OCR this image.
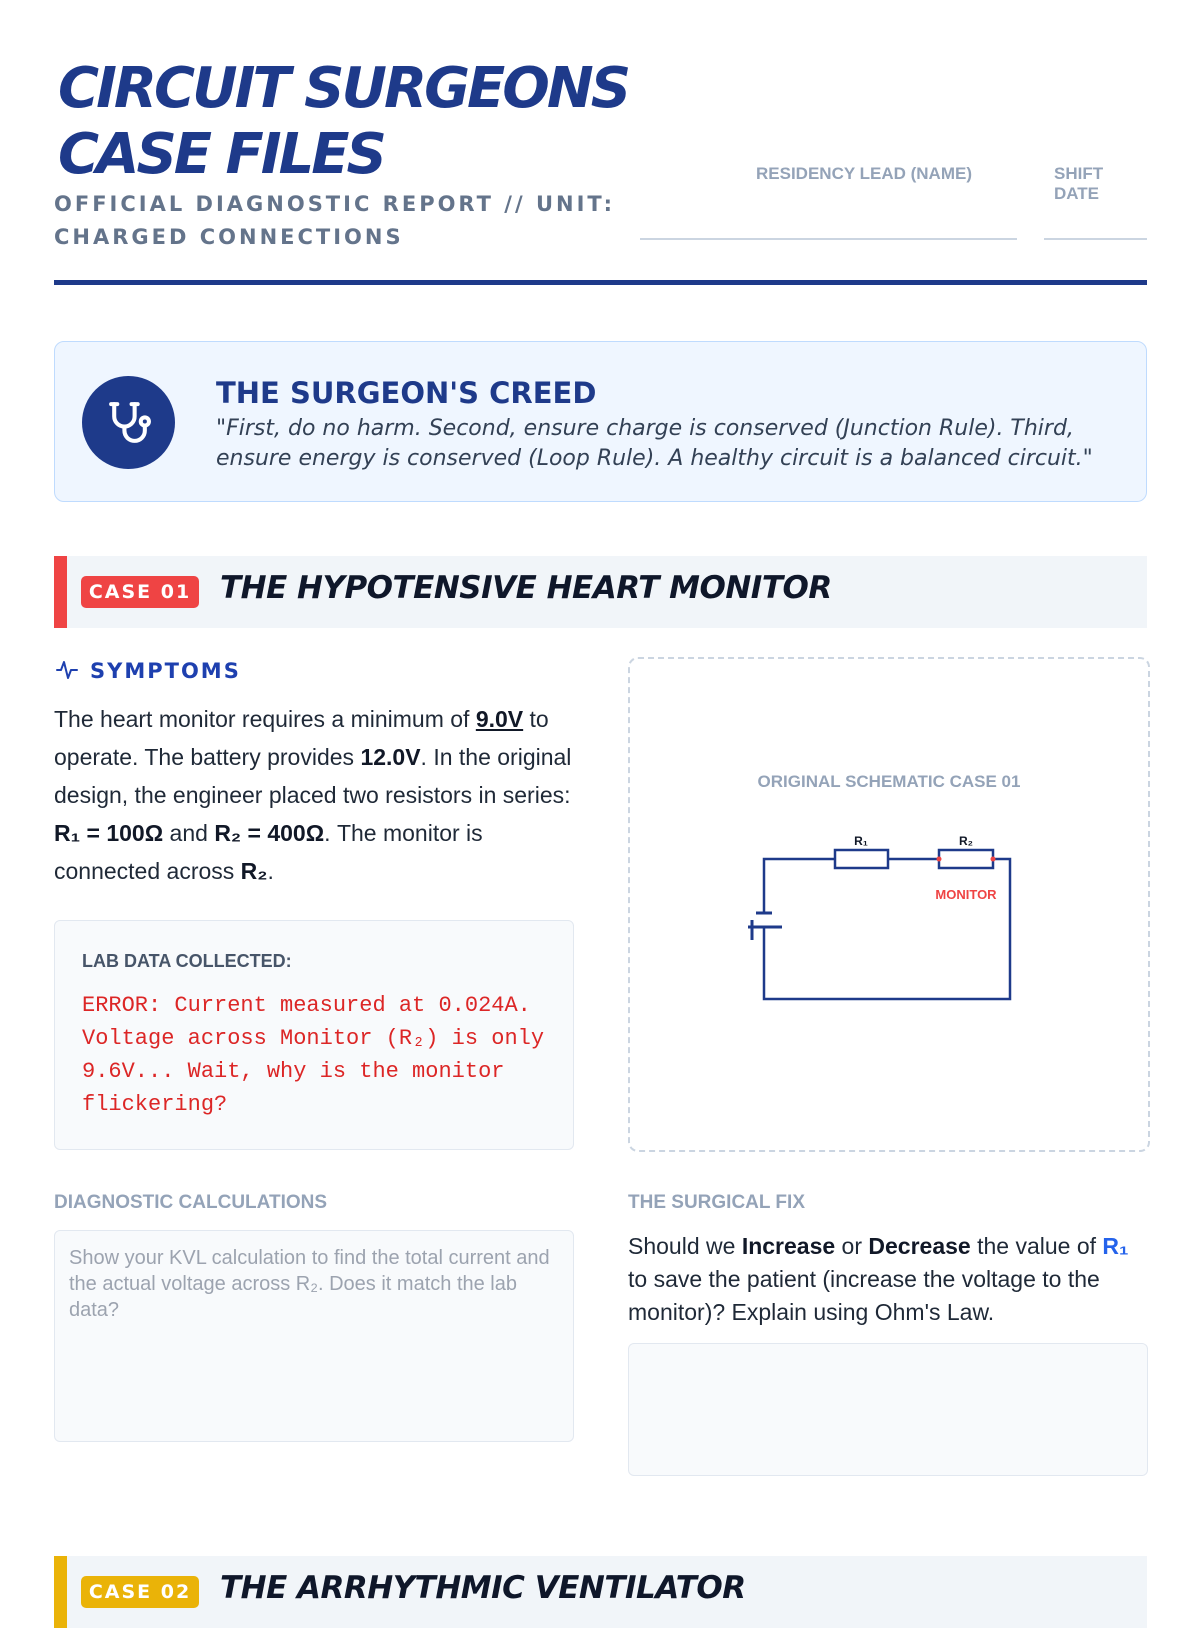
CIRCUIT SURGEONS
CASE FILES
OFFICIAL DIAGNOSTIC REPORT // UNIT: CHARGED CONNECTIONS
RESIDENCY LEAD (NAME)	SHIFT DATE
THE SURGEON'S CREED
"First, do no harm. Second, ensure charge is conserved (Junction Rule). Third, ensure energy is conserved (Loop Rule). A healthy circuit is a balanced circuit."
CASE 01 THE HYPOTENSIVE HEART MONITOR
SYMPTOMS
The heart monitor requires a minimum of 9.0V to operate. The battery provides 12.0V. In the original design, the engineer placed two resistors in series: R₁ = 100Ω and R₂ = 400Ω. The monitor is connected across R₂.
LAB DATA COLLECTED:
ERROR: Current measured at 0.024A. Voltage across Monitor (R₂) is only 9.6V... Wait, why is the monitor flickering?
ORIGINAL SCHEMATIC CASE 01
R₁	R₂
MONITOR
DIAGNOSTIC CALCULATIONS
Show your KVL calculation to find the total current and the actual voltage across R₂. Does it match the lab data?
THE SURGICAL FIX
Should we Increase or Decrease the value of R₁ to save the patient (increase the voltage to the monitor)? Explain using Ohm's Law.
CASE 02 THE ARRHYTHMIC VENTILATOR
